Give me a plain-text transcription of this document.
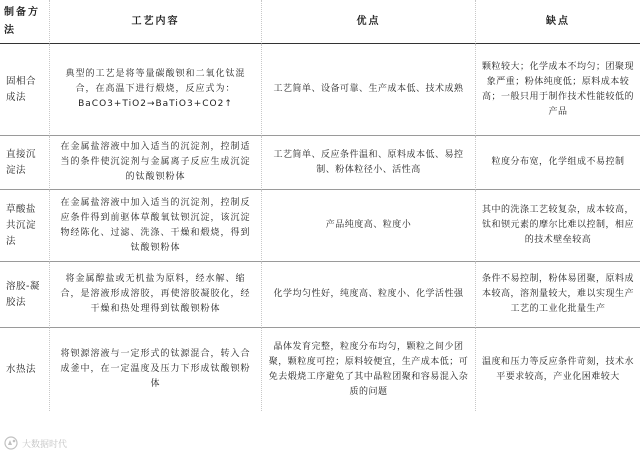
制备方法
工艺内容	优点	缺点
固相合成法
典型的工艺是将等量碳酸钡和二氧化钛混合，在高温下进行煅烧，反应式为：BaCO3+TiO2→BaTiO3+CO2↑
工艺简单、设备可靠、生产成本低、技术成熟
颗粒较大；化学成本不均匀；团聚现象严重；粉体纯度低；原料成本较高；一般只用于制作技术性能较低的产品
直接沉淀法
在金属盐溶液中加入适当的沉淀剂，控制适当的条件使沉淀剂与金属离子反应生成沉淀的钛酸钡粉体
工艺简单、反应条件温和、原料成本低、易控制、粉体粒径小、活性高
粒度分布宽，化学组成不易控制
草酸盐共沉淀法
在金属盐溶液中加入适当的沉淀剂，控制反应条件得到前驱体草酸氧钛钡沉淀，该沉淀物经陈化、过滤、洗涤、干燥和煅烧，得到钛酸钡粉体
产品纯度高、粒度小
其中的洗涤工艺较复杂，成本较高，钛和钡元素的摩尔比难以控制，相应的技术壁垒较高
溶胶-凝胶法
将金属醇盐或无机盐为原料，经水解、缩合，是溶液形成溶胶，再使溶胶凝胶化，经干燥和热处理得到钛酸钡粉体
化学均匀性好，纯度高、粒度小、化学活性强
条件不易控制，粉体易团聚，原料成本较高，溶剂量较大，难以实现生产工艺的工业化批量生产
水热法
将钡源溶液与一定形式的钛源混合，转入合成釜中，在一定温度及压力下形成钛酸钡粉体
晶体发育完整，粒度分布均匀，颗粒之间少团聚，颗粒度可控；原料较便宜，生产成本低；可免去煅烧工序避免了其中晶粒团聚和容易混入杂质的问题
温度和压力等反应条件苛刻，技术水平要求较高，产业化困难较大
大数据时代
